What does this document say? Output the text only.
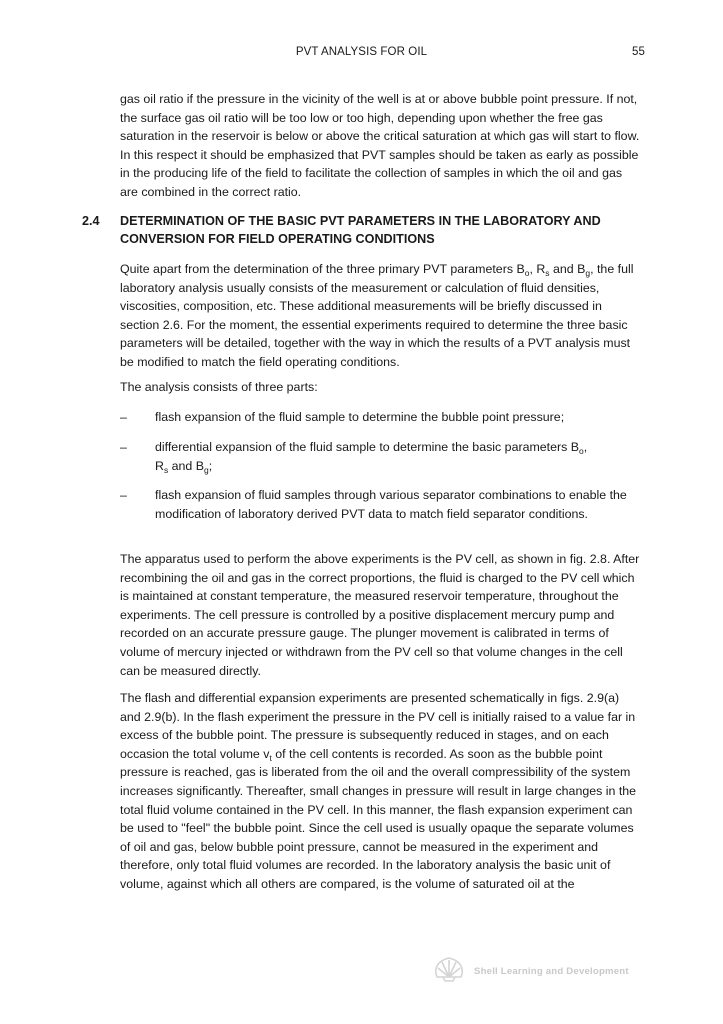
PVT ANALYSIS FOR OIL	55

gas oil ratio if the pressure in the vicinity of the well is at or above bubble point pressure. If not, the surface gas oil ratio will be too low or too high, depending upon whether the free gas saturation in the reservoir is below or above the critical saturation at which gas will start to flow. In this respect it should be emphasized that PVT samples should be taken as early as possible in the producing life of the field to facilitate the collection of samples in which the oil and gas are combined in the correct ratio.

2.4 DETERMINATION OF THE BASIC PVT PARAMETERS IN THE LABORATORY AND CONVERSION FOR FIELD OPERATING CONDITIONS

Quite apart from the determination of the three primary PVT parameters $B_o$, $R_s$ and $B_g$, the full laboratory analysis usually consists of the measurement or calculation of fluid densities, viscosities, composition, etc. These additional measurements will be briefly discussed in section 2.6. For the moment, the essential experiments required to determine the three basic parameters will be detailed, together with the way in which the results of a PVT analysis must be modified to match the field operating conditions.

The analysis consists of three parts:

– flash expansion of the fluid sample to determine the bubble point pressure;
– differential expansion of the fluid sample to determine the basic parameters $B_o$,
$R_s$ and $B_g$;
– flash expansion of fluid samples through various separator combinations to enable the modification of laboratory derived PVT data to match field separator conditions.

The apparatus used to perform the above experiments is the PV cell, as shown in fig. 2.8. After recombining the oil and gas in the correct proportions, the fluid is charged to the PV cell which is maintained at constant temperature, the measured reservoir temperature, throughout the experiments. The cell pressure is controlled by a positive displacement mercury pump and recorded on an accurate pressure gauge. The plunger movement is calibrated in terms of volume of mercury injected or withdrawn from the PV cell so that volume changes in the cell can be measured directly.

The flash and differential expansion experiments are presented schematically in figs. 2.9(a) and 2.9(b). In the flash experiment the pressure in the PV cell is initially raised to a value far in excess of the bubble point. The pressure is subsequently reduced in stages, and on each occasion the total volume $v_t$ of the cell contents is recorded. As soon as the bubble point pressure is reached, gas is liberated from the oil and the overall compressibility of the system increases significantly. Thereafter, small changes in pressure will result in large changes in the total fluid volume contained in the PV cell. In this manner, the flash expansion experiment can be used to "feel" the bubble point. Since the cell used is usually opaque the separate volumes of oil and gas, below bubble point pressure, cannot be measured in the experiment and therefore, only total fluid volumes are recorded. In the laboratory analysis the basic unit of volume, against which all others are compared, is the volume of saturated oil at the

Shell Learning and Development
